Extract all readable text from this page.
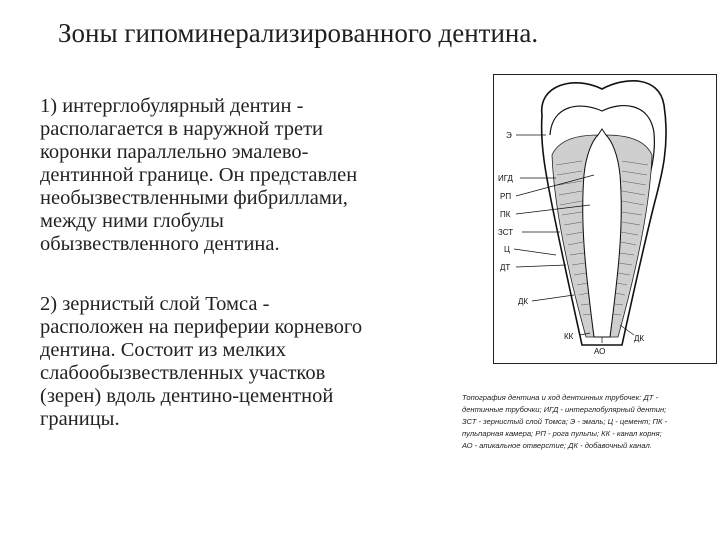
Зоны гипоминерализированного дентина.
1) интерглобулярный дентин -
располагается в наружной трети
коронки параллельно эмалево-
дентинной границе. Он представлен
необызвествленными фибриллами,
между ними глобулы
обызвествленного дентина.
2) зернистый слой Томса -
расположен на периферии корневого
дентина. Состоит из мелких
слабообызвествленных участков
(зерен) вдоль дентино-цементной
границы.
Э
ИГД
РП
ПК
ЗСТ
Ц
ДТ
ДК
КК
АО
ДК
Топография дентина и ход дентинных трубочек: ДТ -
дентинные трубочки; ИГД - интерглобулярный дентин;
ЗСТ - зернистый слой Томса; Э - эмаль; Ц - цемент; ПК -
пульпарная камера; РП - рога пульпы; КК - канал корня;
АО - апикальное отверстие; ДК - добавочный канал.
